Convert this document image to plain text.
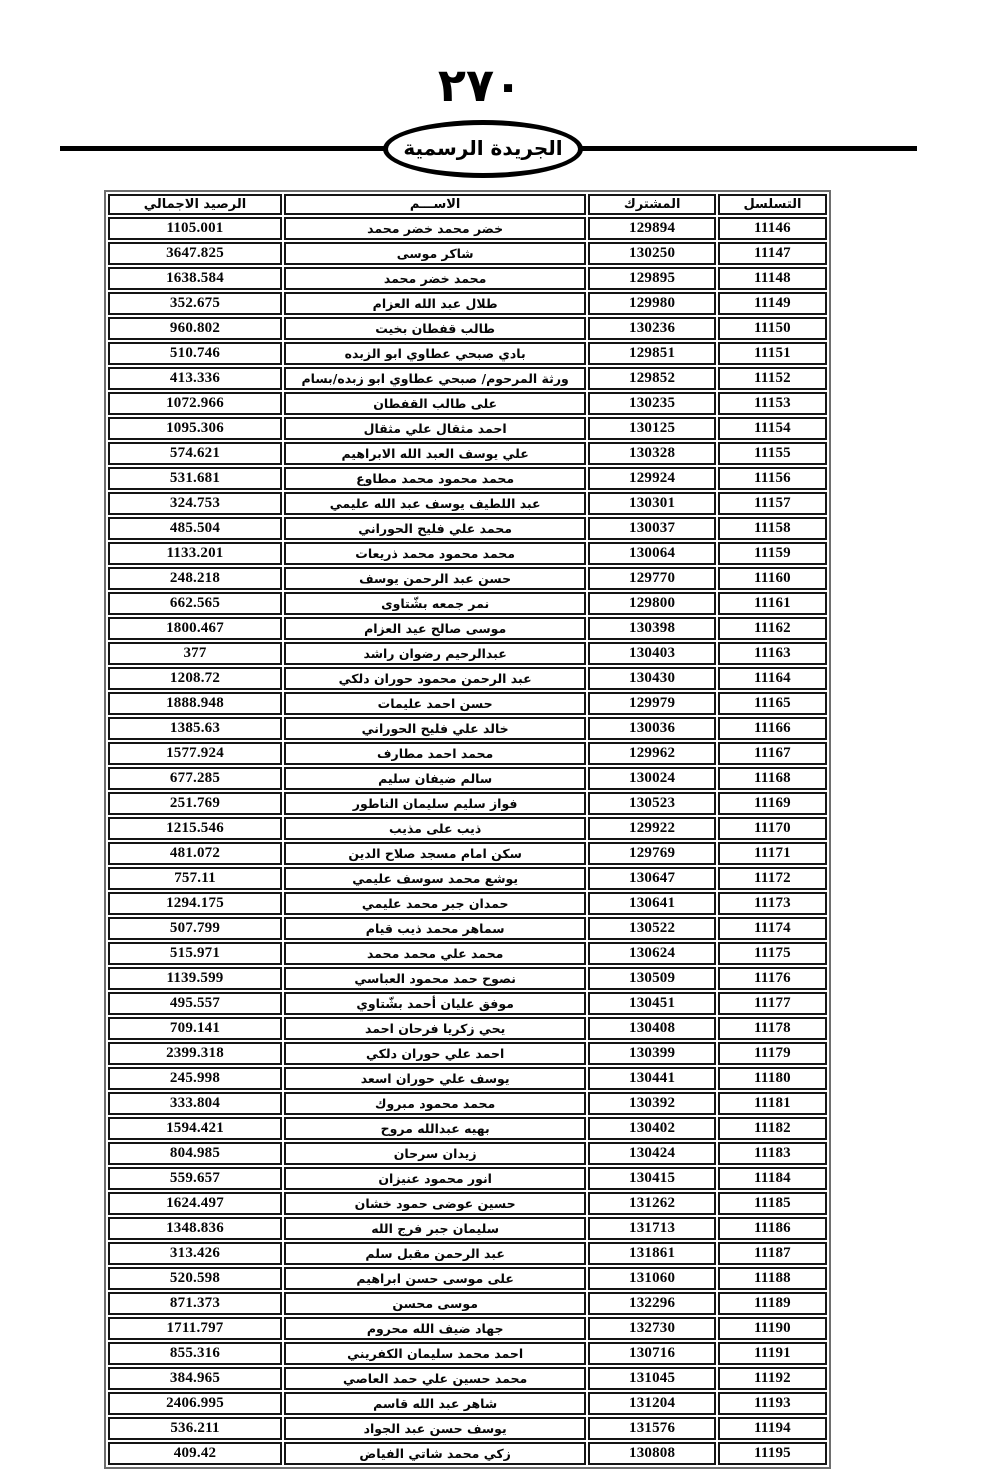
٢٧٠
الجريدة الرسمية
التسلسل	المشترك	الاســـم	الرصيد الاجمالي
11146	129894	خضر محمد خضر محمد	1105.001
11147	130250	شاكر موسى	3647.825
11148	129895	محمد خضر محمد	1638.584
11149	129980	طلال عبد الله العزام	352.675
11150	130236	طالب قفطان بخيت	960.802
11151	129851	بادي صبحي عطاوي ابو الزبده	510.746
11152	129852	ورثة المرحوم/ صبحي عطاوي ابو زبده/بسام	413.336
11153	130235	على طالب القفطان	1072.966
11154	130125	احمد مثقال علي مثقال	1095.306
11155	130328	علي يوسف العبد الله الابراهيم	574.621
11156	129924	محمد محمود محمد مطاوع	531.681
11157	130301	عبد اللطيف يوسف عبد الله عليمي	324.753
11158	130037	محمد علي فليح الحوراني	485.504
11159	130064	محمد محمود محمد ذريعات	1133.201
11160	129770	حسن عبد الرحمن يوسف	248.218
11161	129800	نمر جمعه بشّتاوى	662.565
11162	130398	موسى صالح عيد العزام	1800.467
11163	130403	عبدالرحيم رضوان راشد	377
11164	130430	عبد الرحمن محمود حوران دلكي	1208.72
11165	129979	حسن احمد عليمات	1888.948
11166	130036	خالد علي فليح الحوراني	1385.63
11167	129962	محمد احمد مطارف	1577.924
11168	130024	سالم ضيفان سليم	677.285
11169	130523	فواز سليم سليمان الناطور	251.769
11170	129922	ذيب على مذيب	1215.546
11171	129769	سكن امام مسجد صلاح الدين	481.072
11172	130647	يوشع محمد سوسف عليمي	757.11
11173	130641	حمدان جبر محمد عليمي	1294.175
11174	130522	سماهر محمد ذيب قيام	507.799
11175	130624	محمد علي محمد محمد	515.971
11176	130509	نصوح حمد محمود العباسي	1139.599
11177	130451	موفق عليان أحمد بشّتاوي	495.557
11178	130408	يحي زكريا فرحان احمد	709.141
11179	130399	احمد علي حوران دلكي	2399.318
11180	130441	يوسف علي حوران اسعد	245.998
11181	130392	محمد محمود مبروك	333.804
11182	130402	بهيه عبدالله مروح	1594.421
11183	130424	زيدان سرحان	804.985
11184	130415	انور محمود عنيزان	559.657
11185	131262	حسين عوضى حمود خشان	1624.497
11186	131713	سليمان جبر فرج الله	1348.836
11187	131861	عبد الرحمن مقبل سلم	313.426
11188	131060	على موسى حسن ابراهيم	520.598
11189	132296	موسى محسن	871.373
11190	132730	جهاد ضيف الله محروم	1711.797
11191	130716	احمد محمد سليمان الكفريني	855.316
11192	131045	محمد حسين علي حمد العاصي	384.965
11193	131204	شاهر عبد الله قاسم	2406.995
11194	131576	يوسف حسن عبد الجواد	536.211
11195	130808	زكي محمد شاتي الفياض	409.42
